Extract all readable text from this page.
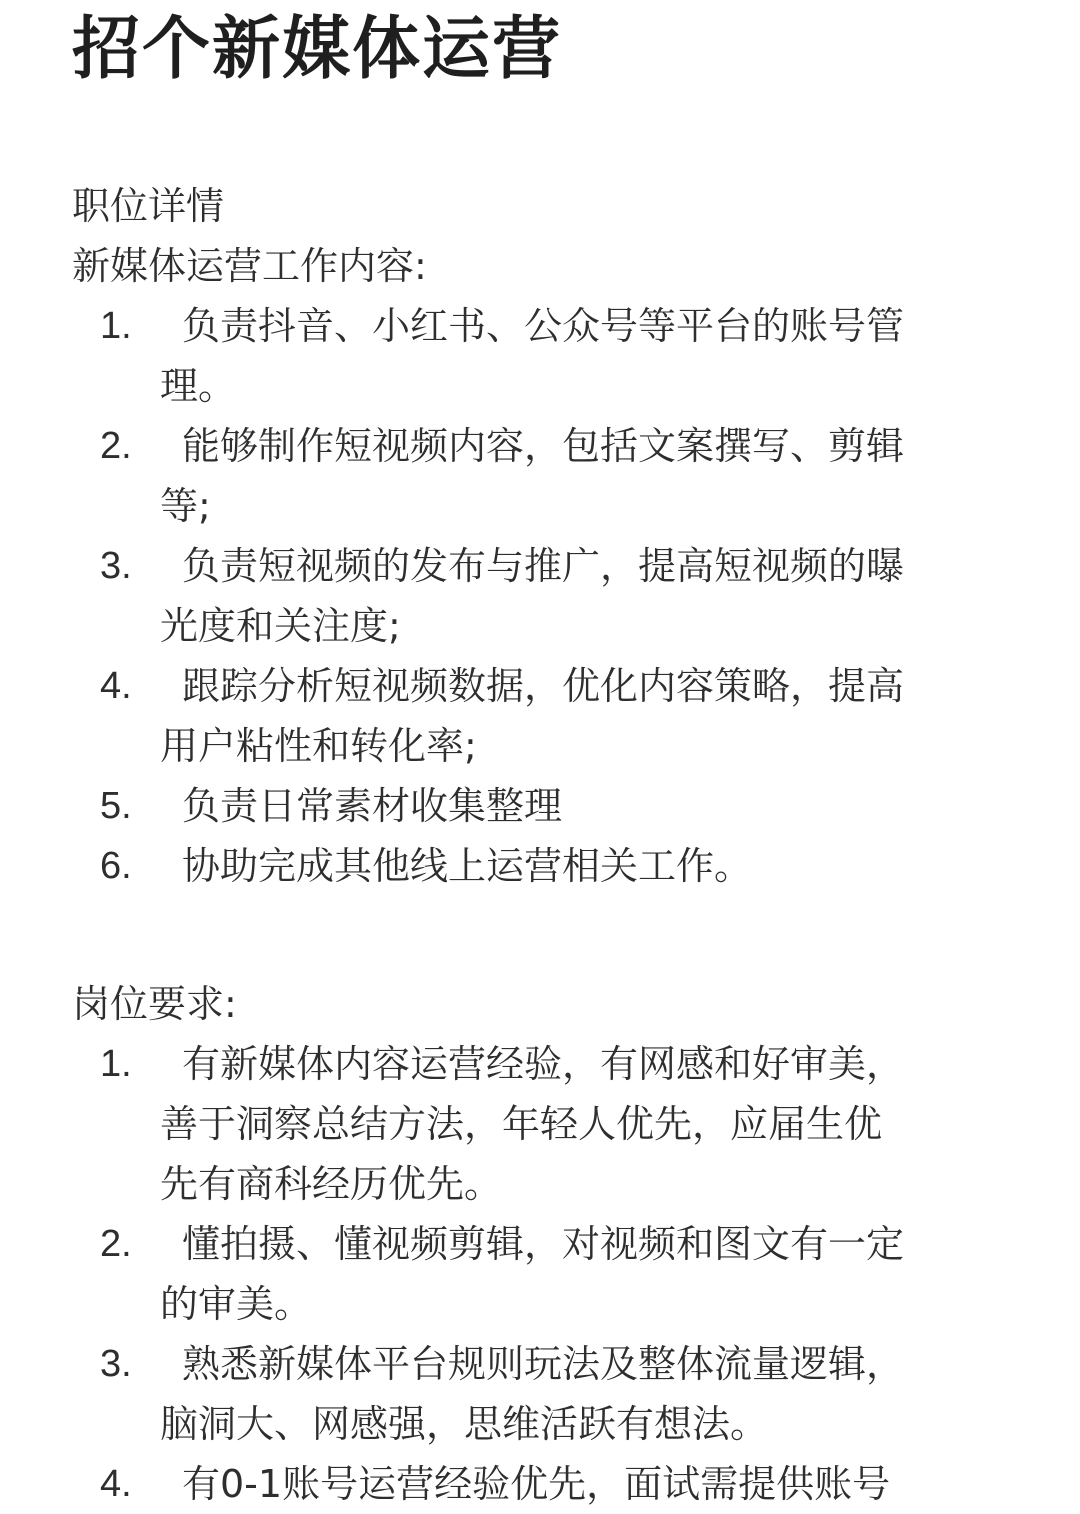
招个新媒体运营
职位详情
新媒体运营工作内容:
1. 负责抖音、小红书、公众号等平台的账号管
理。
2. 能够制作短视频内容，包括文案撰写、剪辑
等;
3. 负责短视频的发布与推广，提高短视频的曝
光度和关注度;
4. 跟踪分析短视频数据，优化内容策略，提高
用户粘性和转化率;
5. 负责日常素材收集整理
6. 协助完成其他线上运营相关工作。
岗位要求:
1. 有新媒体内容运营经验，有网感和好审美，
善于洞察总结方法，年轻人优先，应届生优
先有商科经历优先。
2. 懂拍摄、懂视频剪辑，对视频和图文有一定
的审美。
3. 熟悉新媒体平台规则玩法及整体流量逻辑，
脑洞大、网感强，思维活跃有想法。
4. 有0-1账号运营经验优先，面试需提供账号
